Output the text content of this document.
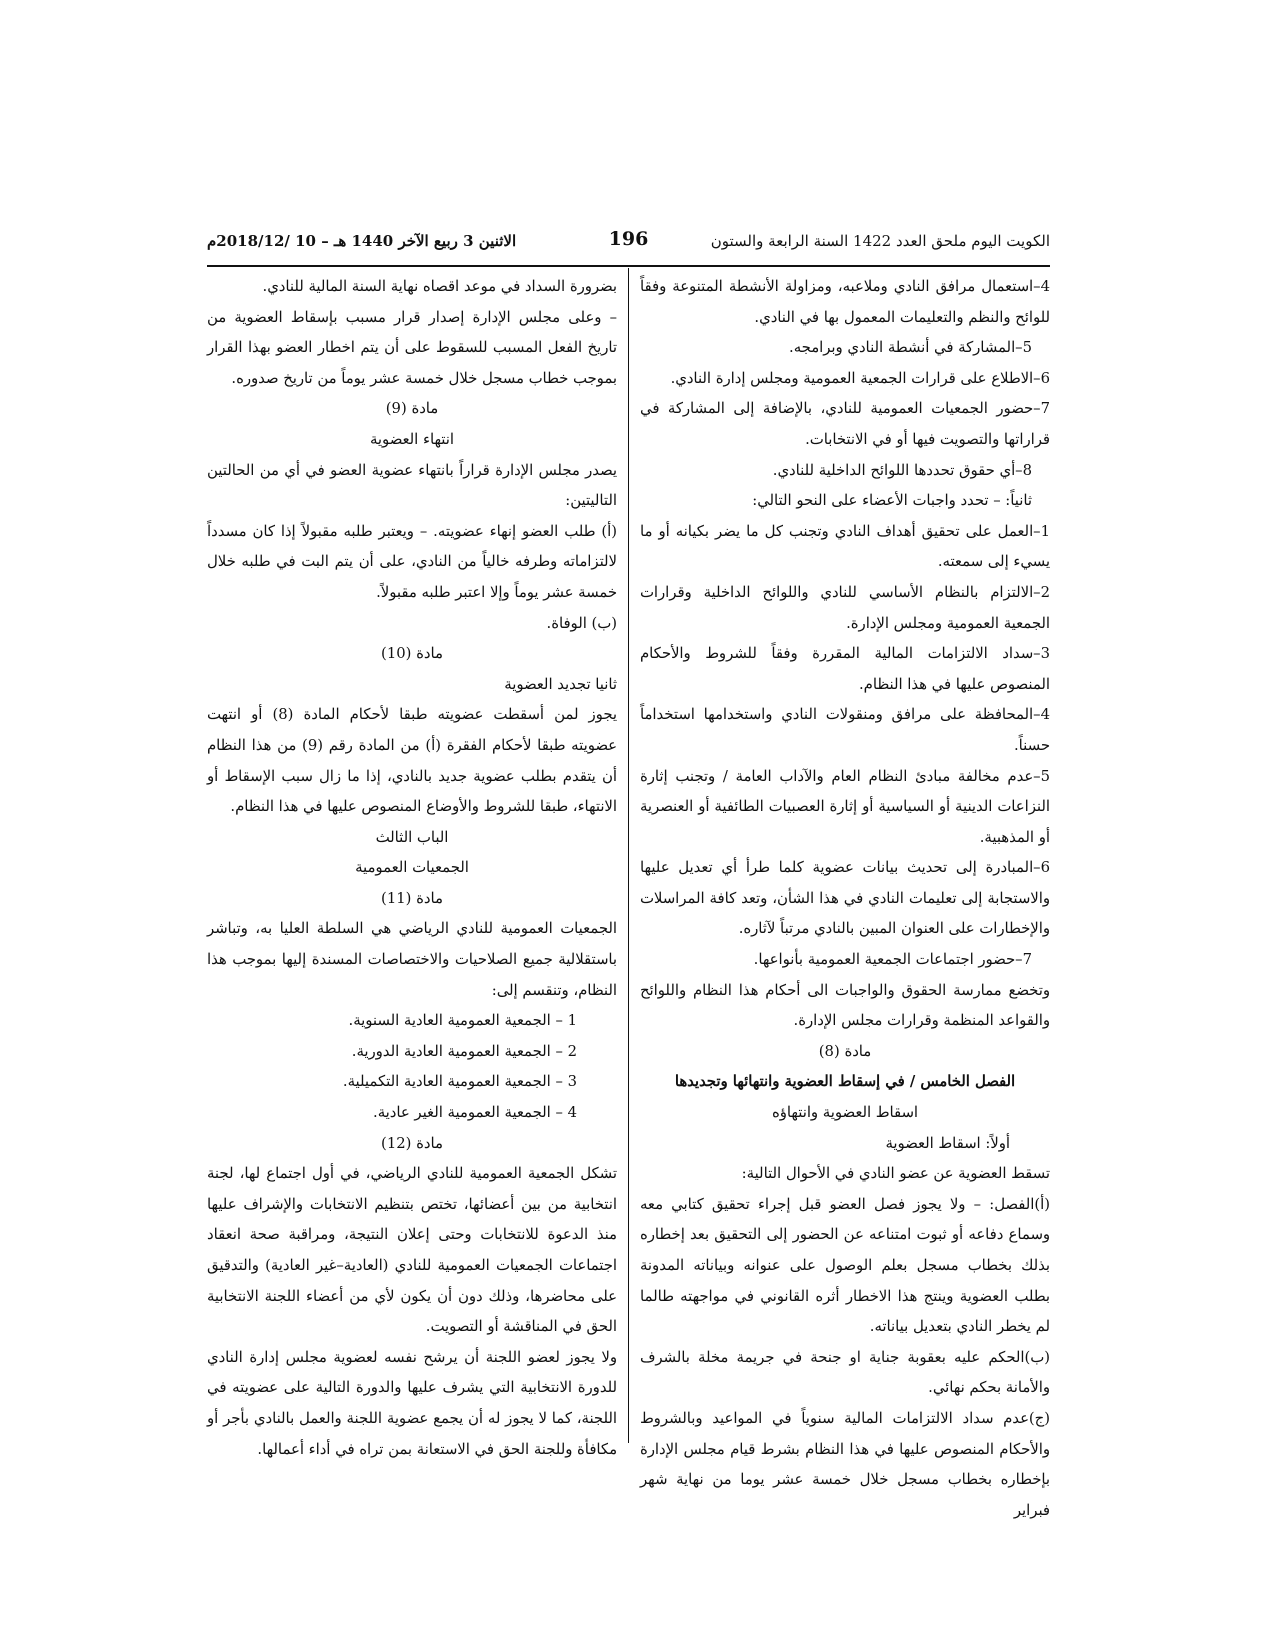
الكويت اليوم ملحق العدد 1422 السنة الرابعة والستون
196
الاثنين 3 ربيع الآخر 1440 هـ – 10 /2018/12م

4–استعمال مرافق النادي وملاعبه، ومزاولة الأنشطة المتنوعة وفقاً للوائح والنظم والتعليمات المعمول بها في النادي.

5–المشاركة في أنشطة النادي وبرامجه.

6–الاطلاع على قرارات الجمعية العمومية ومجلس إدارة النادي.

7–حضور الجمعيات العمومية للنادي، بالإضافة إلى المشاركة في قراراتها والتصويت فيها أو في الانتخابات.

8–أي حقوق تحددها اللوائح الداخلية للنادي.

ثانياً: – تحدد واجبات الأعضاء على النحو التالي:

1–العمل على تحقيق أهداف النادي وتجنب كل ما يضر بكيانه أو ما يسيء إلى سمعته.

2–الالتزام بالنظام الأساسي للنادي واللوائح الداخلية وقرارات الجمعية العمومية ومجلس الإدارة.

3–سداد الالتزامات المالية المقررة وفقاً للشروط والأحكام المنصوص عليها في هذا النظام.

4–المحافظة على مرافق ومنقولات النادي واستخدامها استخداماً حسناً.

5–عدم مخالفة مبادئ النظام العام والآداب العامة / وتجنب إثارة النزاعات الدينية أو السياسية أو إثارة العصبيات الطائفية أو العنصرية أو المذهبية.

6–المبادرة إلى تحديث بيانات عضوية كلما طرأ أي تعديل عليها والاستجابة إلى تعليمات النادي في هذا الشأن، وتعد كافة المراسلات والإخطارات على العنوان المبين بالنادي مرتباً لآثاره.

7–حضور اجتماعات الجمعية العمومية بأنواعها.

وتخضع ممارسة الحقوق والواجبات الى أحكام هذا النظام واللوائح والقواعد المنظمة وقرارات مجلس الإدارة.

مادة (8)

الفصل الخامس / في إسقاط العضوية وانتهائها وتجديدها

اسقاط العضوية وانتهاؤه

أولاً: اسقاط العضوية

تسقط العضوية عن عضو النادي في الأحوال التالية:

(أ)الفصل: – ولا يجوز فصل العضو قبل إجراء تحقيق كتابي معه وسماع دفاعه أو ثبوت امتناعه عن الحضور إلى التحقيق بعد إخطاره بذلك بخطاب مسجل بعلم الوصول على عنوانه وبياناته المدونة بطلب العضوية وينتج هذا الاخطار أثره القانوني في مواجهته طالما لم يخطر النادي بتعديل بياناته.

(ب)الحكم عليه بعقوبة جناية او جنحة في جريمة مخلة بالشرف والأمانة بحكم نهائي.

(ج)عدم سداد الالتزامات المالية سنوياً في المواعيد وبالشروط والأحكام المنصوص عليها في هذا النظام بشرط قيام مجلس الإدارة بإخطاره بخطاب مسجل خلال خمسة عشر يوما من نهاية شهر فبراير

بضرورة السداد في موعد اقصاه نهاية السنة المالية للنادي.

– وعلى مجلس الإدارة إصدار قرار مسبب بإسقاط العضوية من تاريخ الفعل المسبب للسقوط على أن يتم اخطار العضو بهذا القرار بموجب خطاب مسجل خلال خمسة عشر يوماً من تاريخ صدوره.

مادة (9)

انتهاء العضوية

يصدر مجلس الإدارة قراراً بانتهاء عضوية العضو في أي من الحالتين التاليتين:

(أ) طلب العضو إنهاء عضويته. – ويعتبر طلبه مقبولاً إذا كان مسدداً لالتزاماته وطرفه خالياً من النادي، على أن يتم البت في طلبه خلال خمسة عشر يوماً وإلا اعتبر طلبه مقبولاً.

(ب) الوفاة.

مادة (10)

ثانيا تجديد العضوية

يجوز لمن أسقطت عضويته طبقا لأحكام المادة (8) أو انتهت عضويته طبقا لأحكام الفقرة (أ) من المادة رقم (9) من هذا النظام أن يتقدم بطلب عضوية جديد بالنادي، إذا ما زال سبب الإسقاط أو الانتهاء، طبقا للشروط والأوضاع المنصوص عليها في هذا النظام.

الباب الثالث

الجمعيات العمومية

مادة (11)

الجمعيات العمومية للنادي الرياضي هي السلطة العليا به، وتباشر باستقلالية جميع الصلاحيات والاختصاصات المسندة إليها بموجب هذا النظام، وتنقسم إلى:

1 – الجمعية العمومية العادية السنوية.

2 – الجمعية العمومية العادية الدورية.

3 – الجمعية العمومية العادية التكميلية.

4 – الجمعية العمومية الغير عادية.

مادة (12)

تشكل الجمعية العمومية للنادي الرياضي، في أول اجتماع لها، لجنة انتخابية من بين أعضائها، تختص بتنظيم الانتخابات والإشراف عليها منذ الدعوة للانتخابات وحتى إعلان النتيجة، ومراقبة صحة انعقاد اجتماعات الجمعيات العمومية للنادي (العادية–غير العادية) والتدقيق على محاضرها، وذلك دون أن يكون لأي من أعضاء اللجنة الانتخابية الحق في المناقشة أو التصويت.

ولا يجوز لعضو اللجنة أن يرشح نفسه لعضوية مجلس إدارة النادي للدورة الانتخابية التي يشرف عليها والدورة التالية على عضويته في اللجنة، كما لا يجوز له أن يجمع عضوية اللجنة والعمل بالنادي بأجر أو مكافأة وللجنة الحق في الاستعانة بمن تراه في أداء أعمالها.
